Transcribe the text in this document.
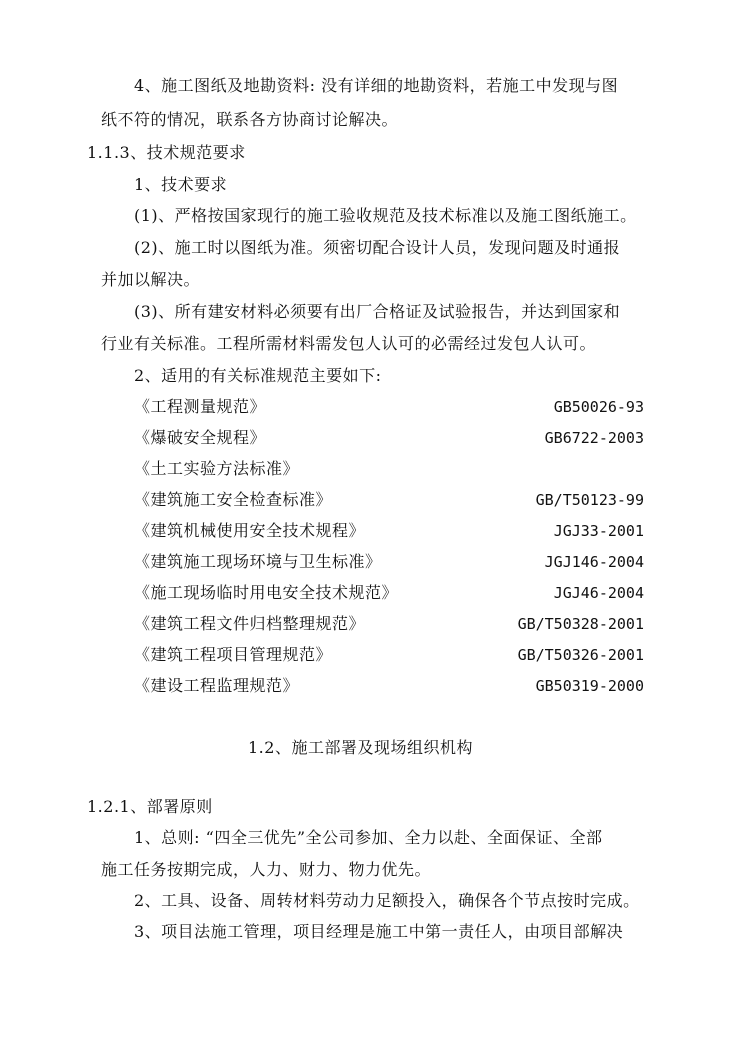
4、施工图纸及地勘资料: 没有详细的地勘资料，若施工中发现与图
纸不符的情况，联系各方协商讨论解决。
1.1.3、技术规范要求
1、技术要求
(1)、严格按国家现行的施工验收规范及技术标准以及施工图纸施工。
(2)、施工时以图纸为准。须密切配合设计人员，发现问题及时通报
并加以解决。
(3)、所有建安材料必须要有出厂合格证及试验报告，并达到国家和
行业有关标准。工程所需材料需发包人认可的必需经过发包人认可。
2、适用的有关标准规范主要如下:
《工程测量规范》	GB50026-93
《爆破安全规程》	GB6722-2003
《土工实验方法标准》
《建筑施工安全检查标准》	GB/T50123-99
《建筑机械使用安全技术规程》	JGJ33-2001
《建筑施工现场环境与卫生标准》	JGJ146-2004
《施工现场临时用电安全技术规范》	JGJ46-2004
《建筑工程文件归档整理规范》	GB/T50328-2001
《建筑工程项目管理规范》	GB/T50326-2001
《建设工程监理规范》	GB50319-2000
1.2、施工部署及现场组织机构
1.2.1、部署原则
1、总则: “四全三优先”全公司参加、全力以赴、全面保证、全部
施工任务按期完成，人力、财力、物力优先。
2、工具、设备、周转材料劳动力足额投入，确保各个节点按时完成。
3、项目法施工管理，项目经理是施工中第一责任人，由项目部解决
